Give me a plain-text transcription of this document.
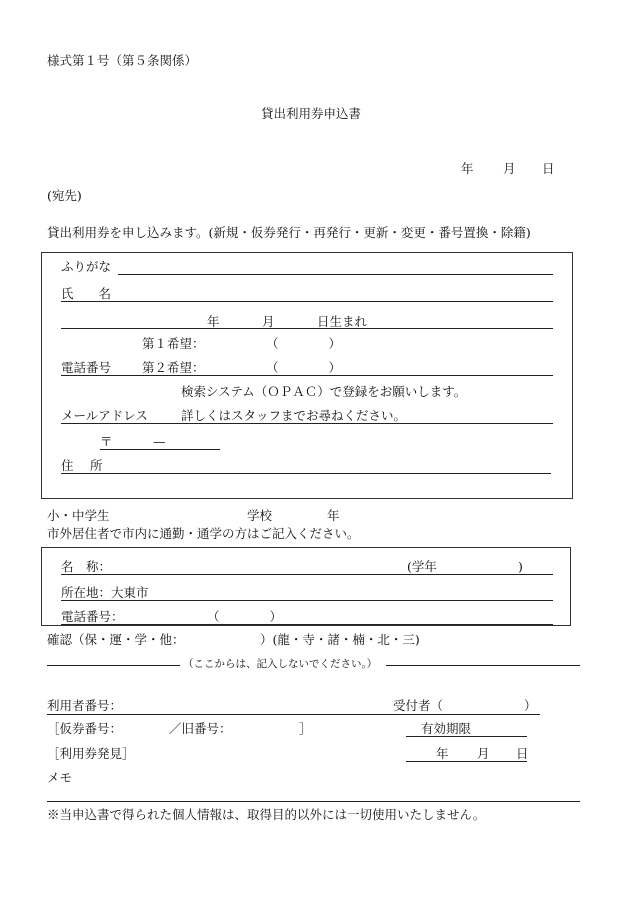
様式第１号（第５条関係）
貸出利用券申込書
年 月 日
(宛先)
貸出利用券を申し込みます。(新規・仮券発行・再発行・更新・変更・番号置換・除籍)
ふりがな
氏　　名
年	月	日生まれ
第１希望：	（　　　　）
電話番号 第２希望：	（　　　　）
検索システム（ＯＰＡＣ）で登録をお願いします。
メールアドレス	詳しくはスタッフまでお尋ねください。
〒	—
住　 所
小・中学生	学校	年
市外居住者で市内に通勤・通学の方はご記入ください。
名　称：	(学年	)
所在地：大東市
電話番号：	（　　　　）
確認（保・運・学・他：	）(龍・寺・諸・楠・北・三)
（ここからは、記入しないでください。）
利用者番号：	受付者（	）
［仮券番号：	／旧番号：	］	有効期限
［利用券発見］	年 月 日
メモ
※当申込書で得られた個人情報は、取得目的以外には一切使用いたしません。
